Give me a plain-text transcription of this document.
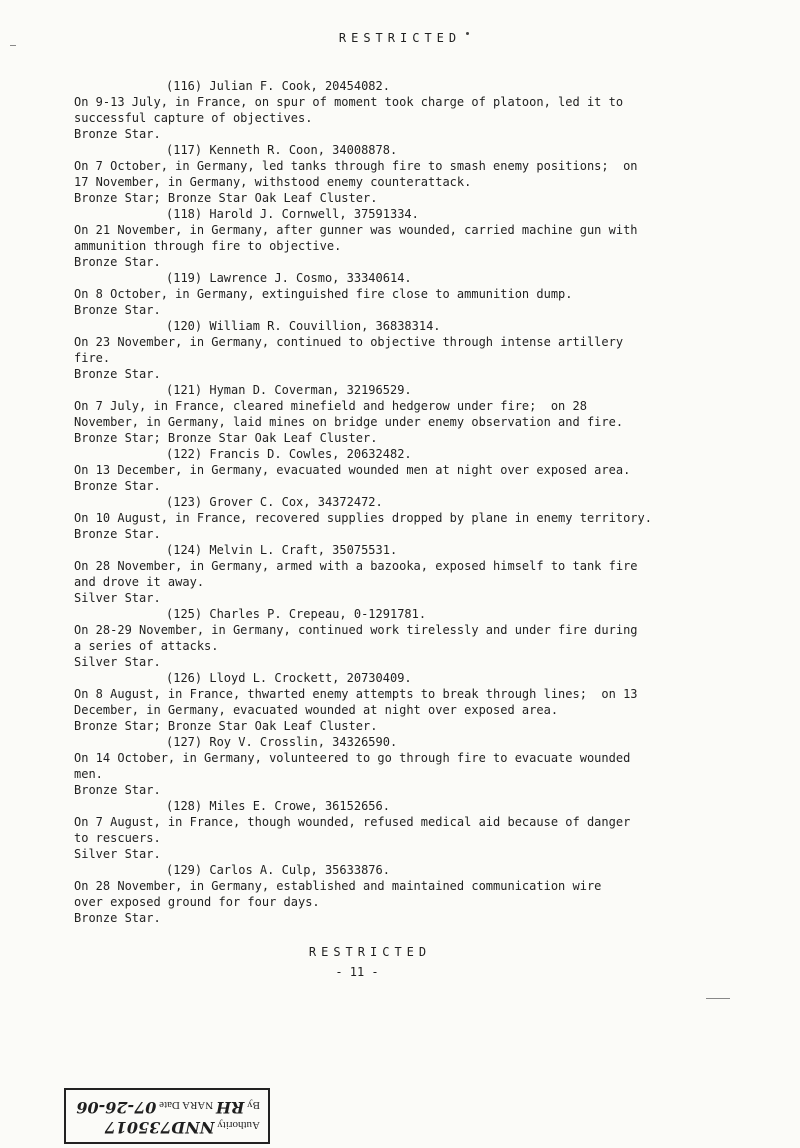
RESTRICTED
(116) Julian F. Cook, 20454082.
On 9-13 July, in France, on spur of moment took charge of platoon, led it to
successful capture of objectives.
Bronze Star.
(117) Kenneth R. Coon, 34008878.
On 7 October, in Germany, led tanks through fire to smash enemy positions;  on
17 November, in Germany, withstood enemy counterattack.
Bronze Star; Bronze Star Oak Leaf Cluster.
(118) Harold J. Cornwell, 37591334.
On 21 November, in Germany, after gunner was wounded, carried machine gun with
ammunition through fire to objective.
Bronze Star.
(119) Lawrence J. Cosmo, 33340614.
On 8 October, in Germany, extinguished fire close to ammunition dump.
Bronze Star.
(120) William R. Couvillion, 36838314.
On 23 November, in Germany, continued to objective through intense artillery
fire.
Bronze Star.
(121) Hyman D. Coverman, 32196529.
On 7 July, in France, cleared minefield and hedgerow under fire;  on 28
November, in Germany, laid mines on bridge under enemy observation and fire.
Bronze Star; Bronze Star Oak Leaf Cluster.
(122) Francis D. Cowles, 20632482.
On 13 December, in Germany, evacuated wounded men at night over exposed area.
Bronze Star.
(123) Grover C. Cox, 34372472.
On 10 August, in France, recovered supplies dropped by plane in enemy territory.
Bronze Star.
(124) Melvin L. Craft, 35075531.
On 28 November, in Germany, armed with a bazooka, exposed himself to tank fire
and drove it away.
Silver Star.
(125) Charles P. Crepeau, 0-1291781.
On 28-29 November, in Germany, continued work tirelessly and under fire during
a series of attacks.
Silver Star.
(126) Lloyd L. Crockett, 20730409.
On 8 August, in France, thwarted enemy attempts to break through lines;  on 13
December, in Germany, evacuated wounded at night over exposed area.
Bronze Star; Bronze Star Oak Leaf Cluster.
(127) Roy V. Crosslin, 34326590.
On 14 October, in Germany, volunteered to go through fire to evacuate wounded
men.
Bronze Star.
(128) Miles E. Crowe, 36152656.
On 7 August, in France, though wounded, refused medical aid because of danger
to rescuers.
Silver Star.
(129) Carlos A. Culp, 35633876.
On 28 November, in Germany, established and maintained communication wire
over exposed ground for four days.
Bronze Star.
RESTRICTED
- 11 -
Authority NND735017
By RH NARA Date 07-26-06
